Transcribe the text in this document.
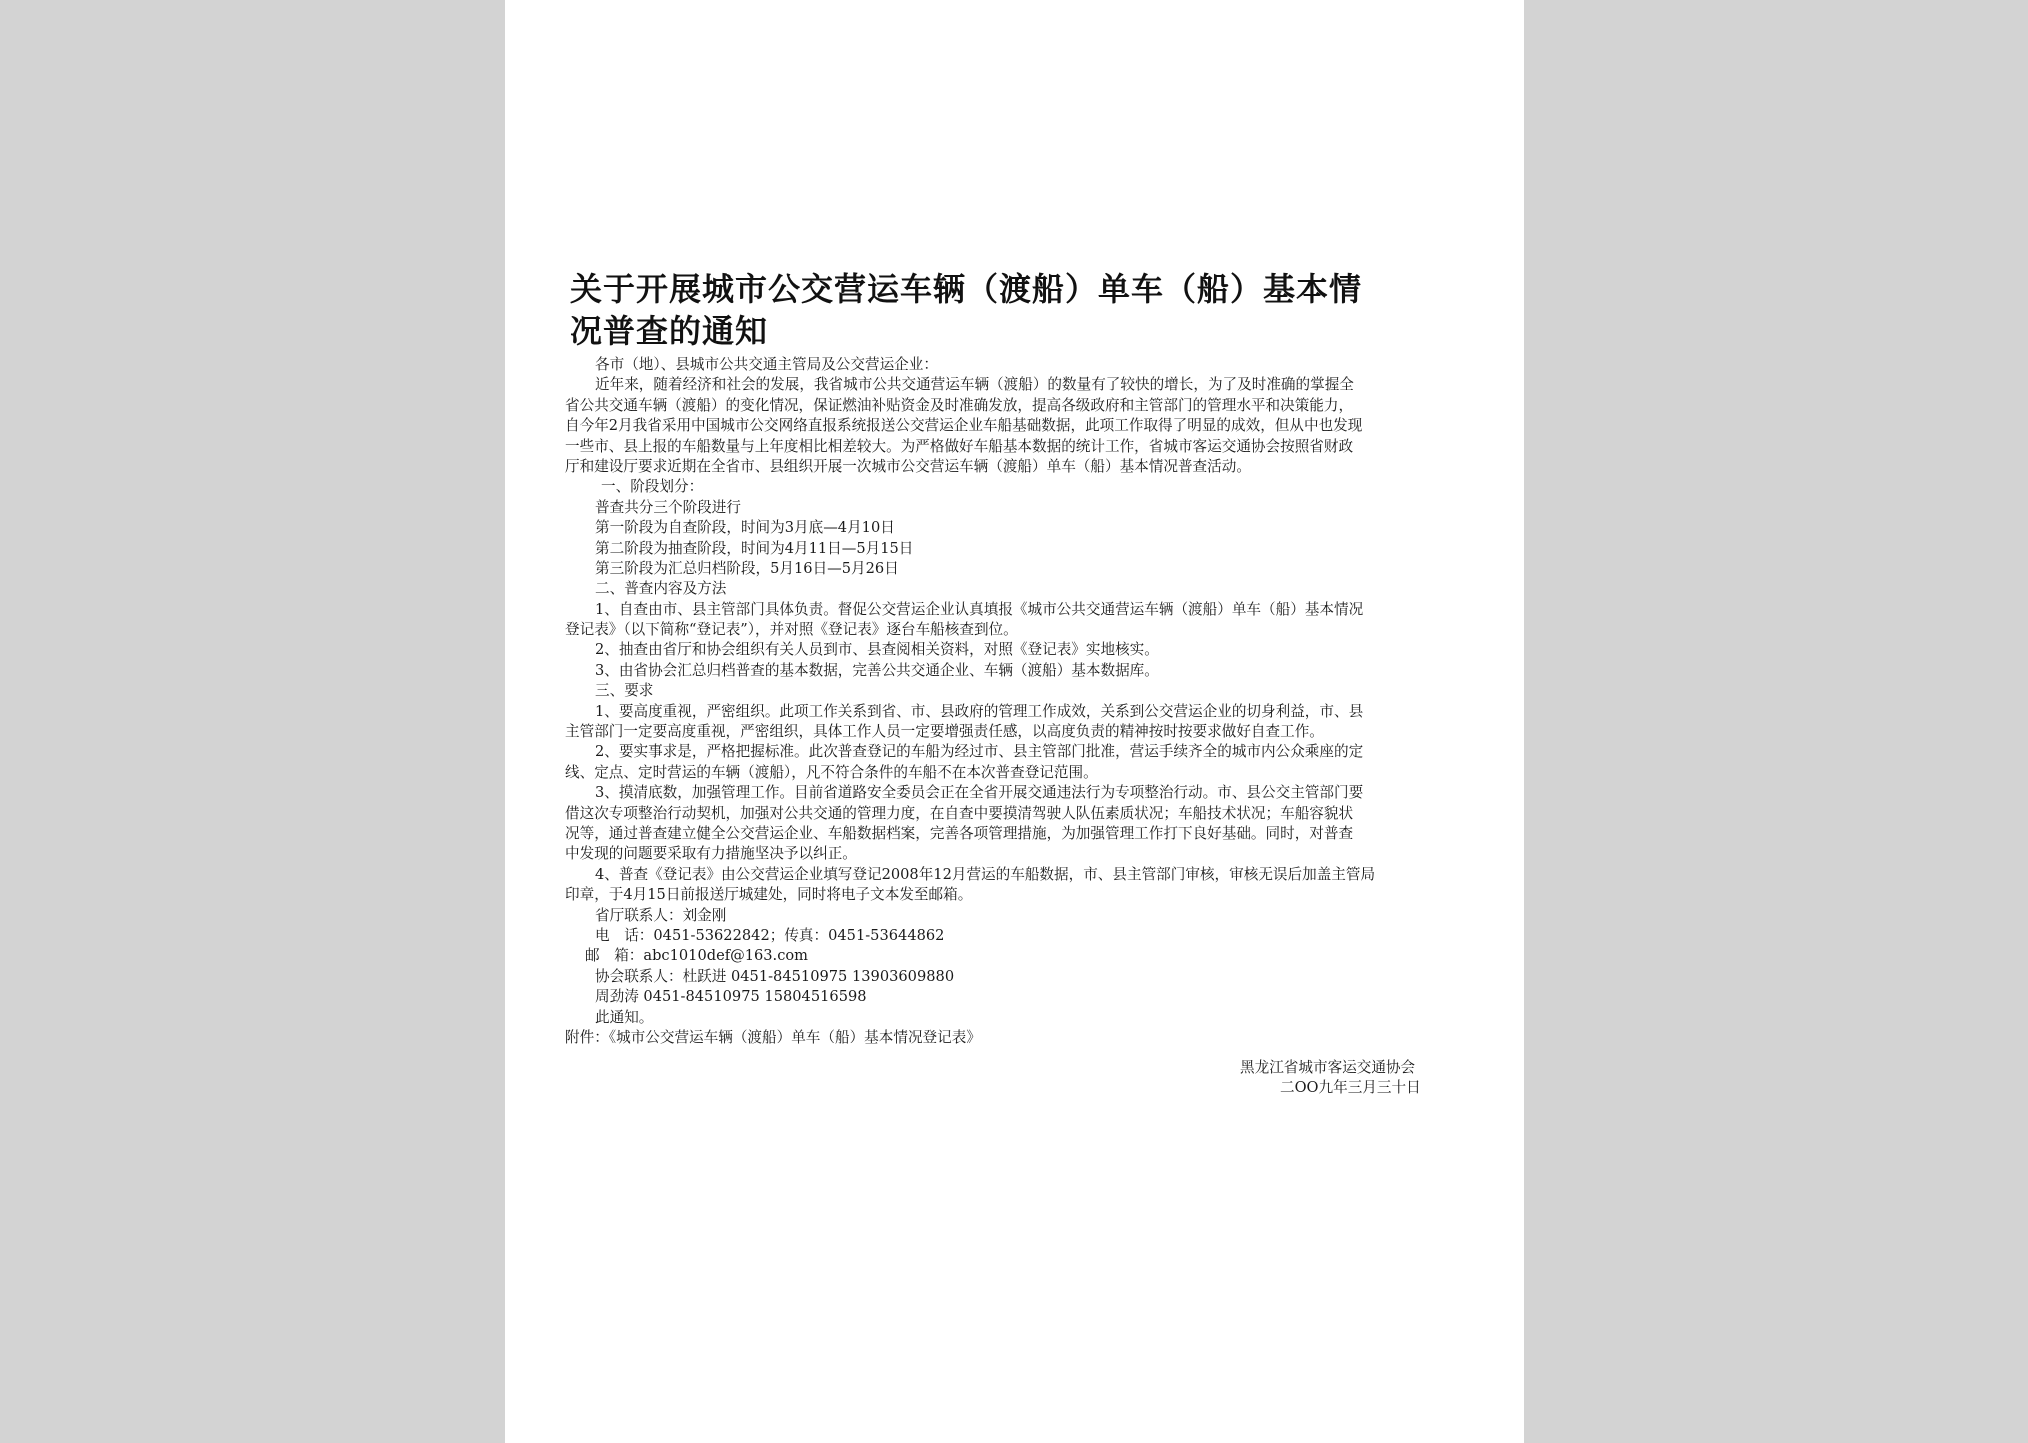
关于开展城市公交营运车辆（渡船）单车（船）基本情
况普查的通知
各市（地）、县城市公共交通主管局及公交营运企业：
近年来，随着经济和社会的发展，我省城市公共交通营运车辆（渡船）的数量有了较快的增长，为了及时准确的掌握全
省公共交通车辆（渡船）的变化情况，保证燃油补贴资金及时准确发放，提高各级政府和主管部门的管理水平和决策能力，
自今年2月我省采用中国城市公交网络直报系统报送公交营运企业车船基础数据，此项工作取得了明显的成效，但从中也发现
一些市、县上报的车船数量与上年度相比相差较大。为严格做好车船基本数据的统计工作，省城市客运交通协会按照省财政
厅和建设厅要求近期在全省市、县组织开展一次城市公交营运车辆（渡船）单车（船）基本情况普查活动。
一、阶段划分：
普查共分三个阶段进行
第一阶段为自查阶段，时间为3月底—4月10日
第二阶段为抽查阶段，时间为4月11日—5月15日
第三阶段为汇总归档阶段，5月16日—5月26日
二、普查内容及方法
1、自查由市、县主管部门具体负责。督促公交营运企业认真填报《城市公共交通营运车辆（渡船）单车（船）基本情况
登记表》（以下简称“登记表”），并对照《登记表》逐台车船核查到位。
2、抽查由省厅和协会组织有关人员到市、县查阅相关资料，对照《登记表》实地核实。
3、由省协会汇总归档普查的基本数据，完善公共交通企业、车辆（渡船）基本数据库。
三、要求
1、要高度重视，严密组织。此项工作关系到省、市、县政府的管理工作成效，关系到公交营运企业的切身利益，市、县
主管部门一定要高度重视，严密组织，具体工作人员一定要增强责任感，以高度负责的精神按时按要求做好自查工作。
2、要实事求是，严格把握标准。此次普查登记的车船为经过市、县主管部门批准，营运手续齐全的城市内公众乘座的定
线、定点、定时营运的车辆（渡船），凡不符合条件的车船不在本次普查登记范围。
3、摸清底数，加强管理工作。目前省道路安全委员会正在全省开展交通违法行为专项整治行动。市、县公交主管部门要
借这次专项整治行动契机，加强对公共交通的管理力度，在自查中要摸清驾驶人队伍素质状况；车船技术状况；车船容貌状
况等，通过普查建立健全公交营运企业、车船数据档案，完善各项管理措施，为加强管理工作打下良好基础。同时，对普查
中发现的问题要采取有力措施坚决予以纠正。
4、普查《登记表》由公交营运企业填写登记2008年12月营运的车船数据，市、县主管部门审核，审核无误后加盖主管局
印章，于4月15日前报送厅城建处，同时将电子文本发至邮箱。
省厅联系人：刘金刚
电　话：0451-53622842；传真：0451-53644862
邮　箱：abc1010def@163.com
协会联系人：杜跃进 0451-84510975 13903609880
周劲涛 0451-84510975 15804516598
此通知。
附件：《城市公交营运车辆（渡船）单车（船）基本情况登记表》
黑龙江省城市客运交通协会
二OO九年三月三十日
